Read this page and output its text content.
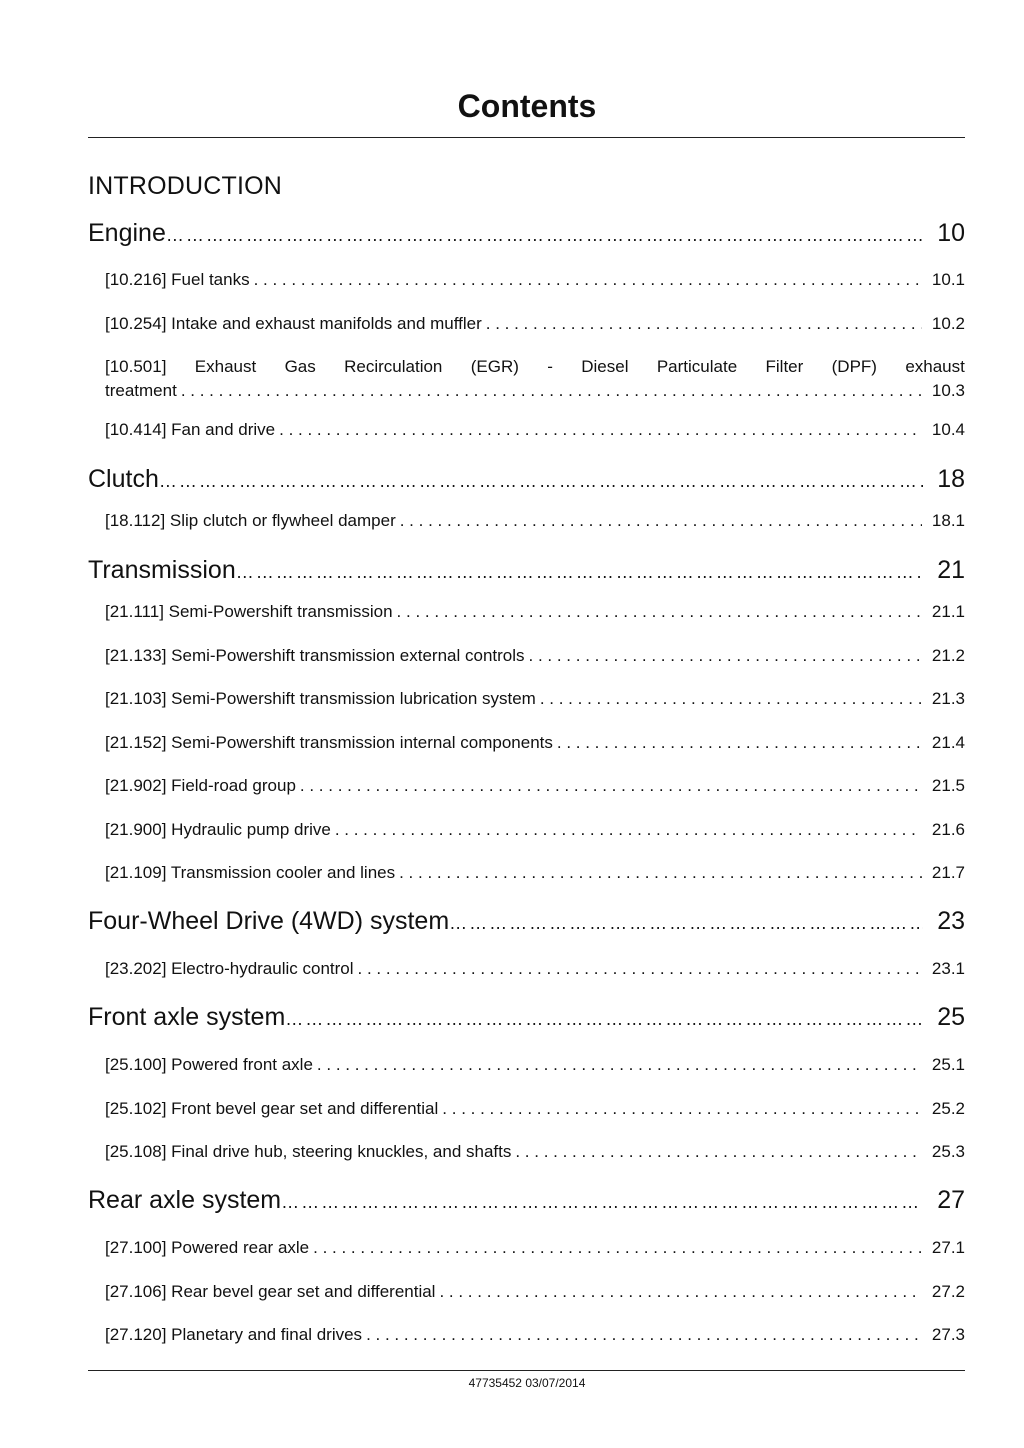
Contents
INTRODUCTION
Engine ………………………………………………………………………………………………………………………	10
[10.216] Fuel tanks . . .	10.1
[10.254] Intake and exhaust manifolds and muffler . . .	10.2
[10.501] Exhaust Gas Recirculation (EGR) - Diesel Particulate Filter (DPF) exhaust
treatment . . .	10.3
[10.414] Fan and drive . . .	10.4
Clutch ………………………………………………………………………………………………………………………	18
[18.112] Slip clutch or flywheel damper . . .	18.1
Transmission ………………………………………………………………………………………………………………………	21
[21.111] Semi-Powershift transmission . . .	21.1
[21.133] Semi-Powershift transmission external controls . . .	21.2
[21.103] Semi-Powershift transmission lubrication system . . .	21.3
[21.152] Semi-Powershift transmission internal components . . .	21.4
[21.902] Field-road group . . .	21.5
[21.900] Hydraulic pump drive . . .	21.6
[21.109] Transmission cooler and lines . . .	21.7
Four-Wheel Drive (4WD) system ………………………………………………………………………………………………………………………	23
[23.202] Electro-hydraulic control . . .	23.1
Front axle system ………………………………………………………………………………………………………………………	25
[25.100] Powered front axle . . .	25.1
[25.102] Front bevel gear set and differential . . .	25.2
[25.108] Final drive hub, steering knuckles, and shafts . . .	25.3
Rear axle system ………………………………………………………………………………………………………………………	27
[27.100] Powered rear axle . . .	27.1
[27.106] Rear bevel gear set and differential . . .	27.2
[27.120] Planetary and final drives . . .	27.3
47735452 03/07/2014
